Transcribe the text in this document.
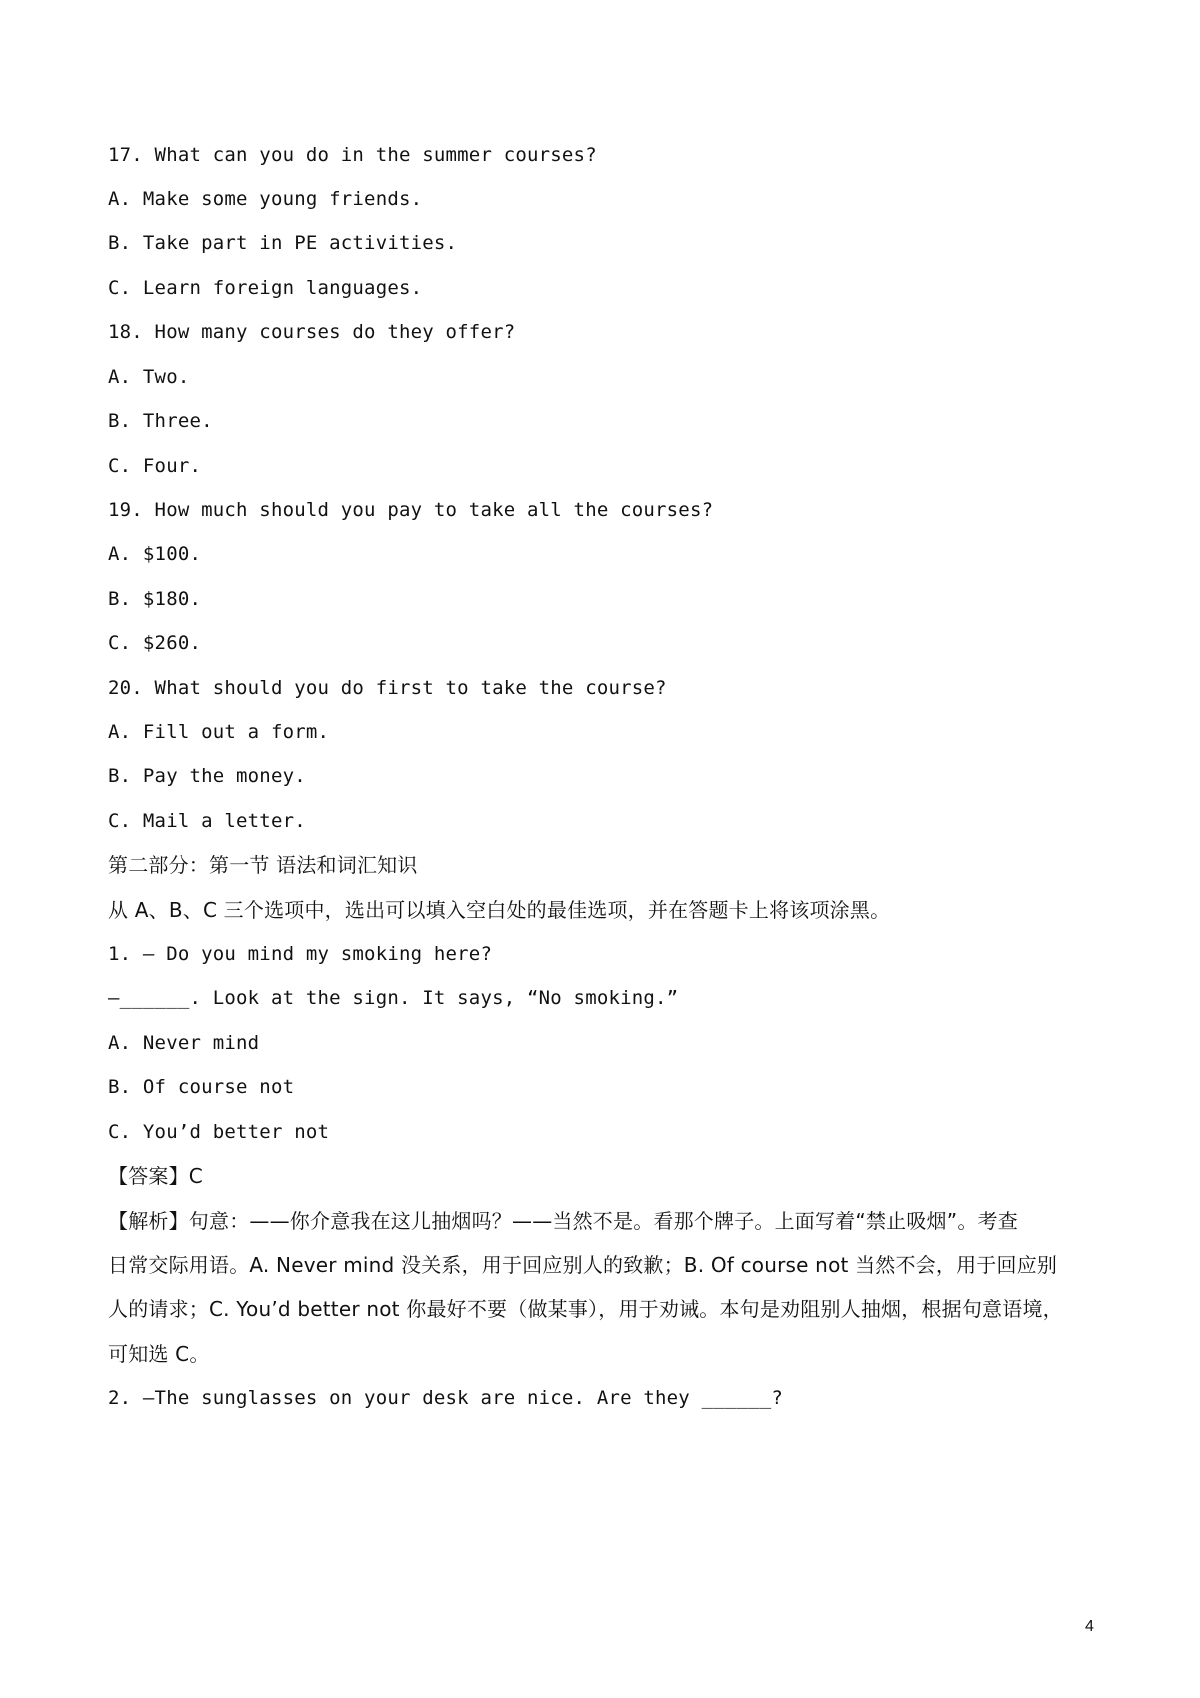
17. What can you do in the summer courses?

A. Make some young friends.

B. Take part in PE activities.

C. Learn foreign languages.

18. How many courses do they offer?

A. Two.

B. Three.

C. Four.

19. How much should you pay to take all the courses?

A. $100.

B. $180.

C. $260.

20. What should you do first to take the course?

A. Fill out a form.

B. Pay the money.

C. Mail a letter.

第二部分：第一节 语法和词汇知识

从 A、B、C 三个选项中，选出可以填入空白处的最佳选项，并在答题卡上将该项涂黑。

1. – Do you mind my smoking here?

–______. Look at the sign. It says, “No smoking.”

A. Never mind

B. Of course not

C. You’d better not

【答案】C

【解析】句意：——你介意我在这儿抽烟吗？——当然不是。看那个牌子。上面写着“禁止吸烟”。考查

日常交际用语。A. Never mind 没关系，用于回应别人的致歉；B. Of course not 当然不会，用于回应别

人的请求；C. You’d better not 你最好不要（做某事），用于劝诫。本句是劝阻别人抽烟，根据句意语境，

可知选 C。

2. –The sunglasses on your desk are nice. Are they ______?

4
